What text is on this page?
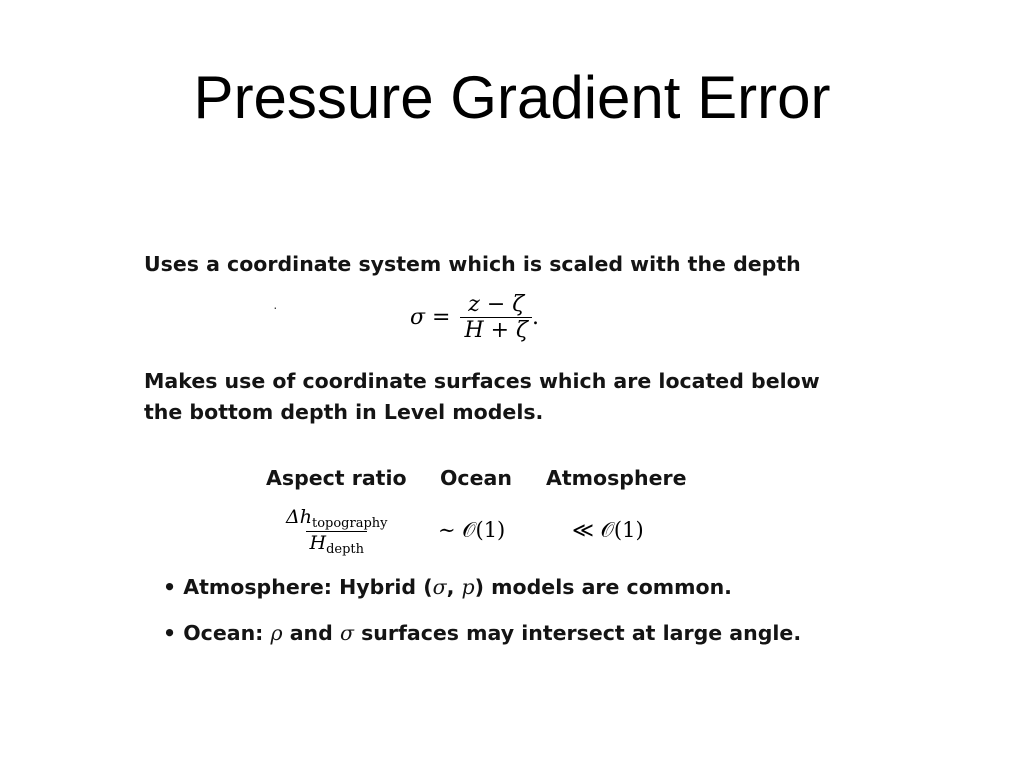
Pressure Gradient Error
Uses a coordinate system which is scaled with the depth
·	$\sigma = \frac{z - \zeta}{H + \zeta}$ .
Makes use of coordinate surfaces which are located below
the bottom depth in Level models.
Aspect ratio Ocean Atmosphere
$\Delta h_{topography}$
$H_{depth}$
∼ 𝒪(1)	≪ 𝒪(1)
• Atmosphere: Hybrid (σ, p) models are common.
• Ocean: ρ and σ surfaces may intersect at large angle.
